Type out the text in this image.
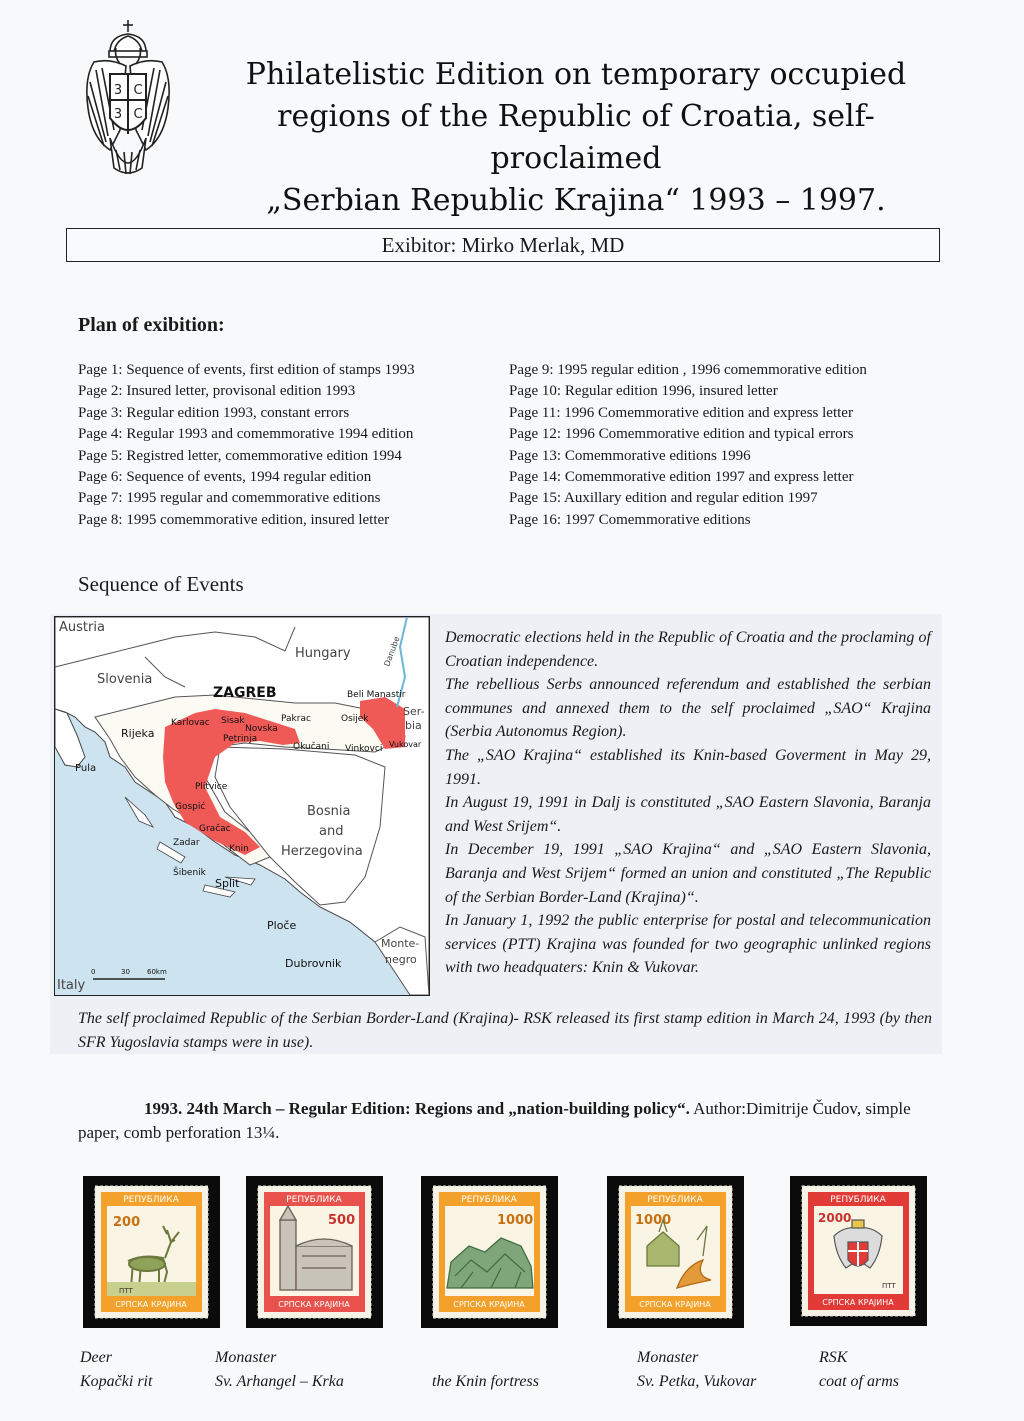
3 C
3 C
Philatelistic Edition on temporary occupied
regions of the Republic of Croatia, self-proclaimed
„Serbian Republic Krajina“ 1993 – 1997.
Exibitor: Mirko Merlak, MD
Plan of exibition:
Page 1: Sequence of events, first edition of stamps 1993
Page 2: Insured letter, provisonal edition 1993
Page 3: Regular edition 1993, constant errors
Page 4: Regular 1993 and comemmorative 1994 edition
Page 5: Registred letter, comemmorative edition 1994
Page 6: Sequence of events, 1994 regular edition
Page 7: 1995 regular and comemmorative editions
Page 8: 1995 comemmorative edition, insured letter
Page 9: 1995 regular edition , 1996 comemmorative edition
Page 10: Regular edition 1996, insured letter
Page 11: 1996 Comemmorative edition and express letter
Page 12: 1996 Comemmorative edition and typical errors
Page 13: Comemmorative editions 1996
Page 14: Comemmorative edition 1997 and express letter
Page 15: Auxillary edition and regular edition 1997
Page 16: 1997 Comemmorative editions
Sequence of Events
Austria
Hungary
Slovenia
Danube
Ser-
bia
Bosnia
and
Herzegovina
Monte-
negro
Italy
ZAGREB	Beli Manastir
Osijek
Vukovar
Karlovac Sisak	Pakrac
Novska
Petrinja
Okučani Vinkovci
Rijeka
Pula
Plitvice
Gospić
Gračac
Zadar
Knin
Šibenik
Split
Ploče
Dubrovnik
0	30 60km

Democratic elections held in the Republic of Croatia and the proclaming of Croatian independence.

The rebellious Serbs announced referendum and established the serbian communes and annexed them to the self proclaimed „SAO“ Krajina (Serbia Autonomus Region).

The „SAO Krajina“ established its Knin-based Goverment in May 29, 1991.

In August 19, 1991 in Dalj is constituted „SAO Eastern Slavonia, Baranja and West Srijem“.

In December 19, 1991 „SAO Krajina“ and „SAO Eastern Slavonia, Baranja and West Srijem“ formed an union and constituted „The Republic of the Serbian Border-Land (Krajina)“.

In January 1, 1992 the public enterprise for postal and telecommunication services (PTT) Krajina was founded for two geographic unlinked regions with two headquaters: Knin & Vukovar.

The self proclaimed Republic of the Serbian Border-Land (Krajina)- RSK released its first stamp edition in March 24, 1993 (by then SFR Yugoslavia stamps were in use).
1993. 24th March – Regular Edition: Regions and „nation-building policy“. Author:Dimitrije Čudov, simple paper, comb perforation 13¼.
РЕПУБЛИКА
200
ПТТ
СРПСКА КРАЈИНА
РЕПУБЛИКА
500
СРПСКА КРАЈИНА
РЕПУБЛИКА
1000
СРПСКА КРАЈИНА
РЕПУБЛИКА
1000
СРПСКА КРАЈИНА
РЕПУБЛИКА
2000
ПТТ
СРПСКА КРАЈИНА
Deer
Kopački rit
Monaster
Sv. Arhangel – Krka
	the Knin fortress
Monaster
Sv. Petka, Vukovar
RSK
coat of arms
